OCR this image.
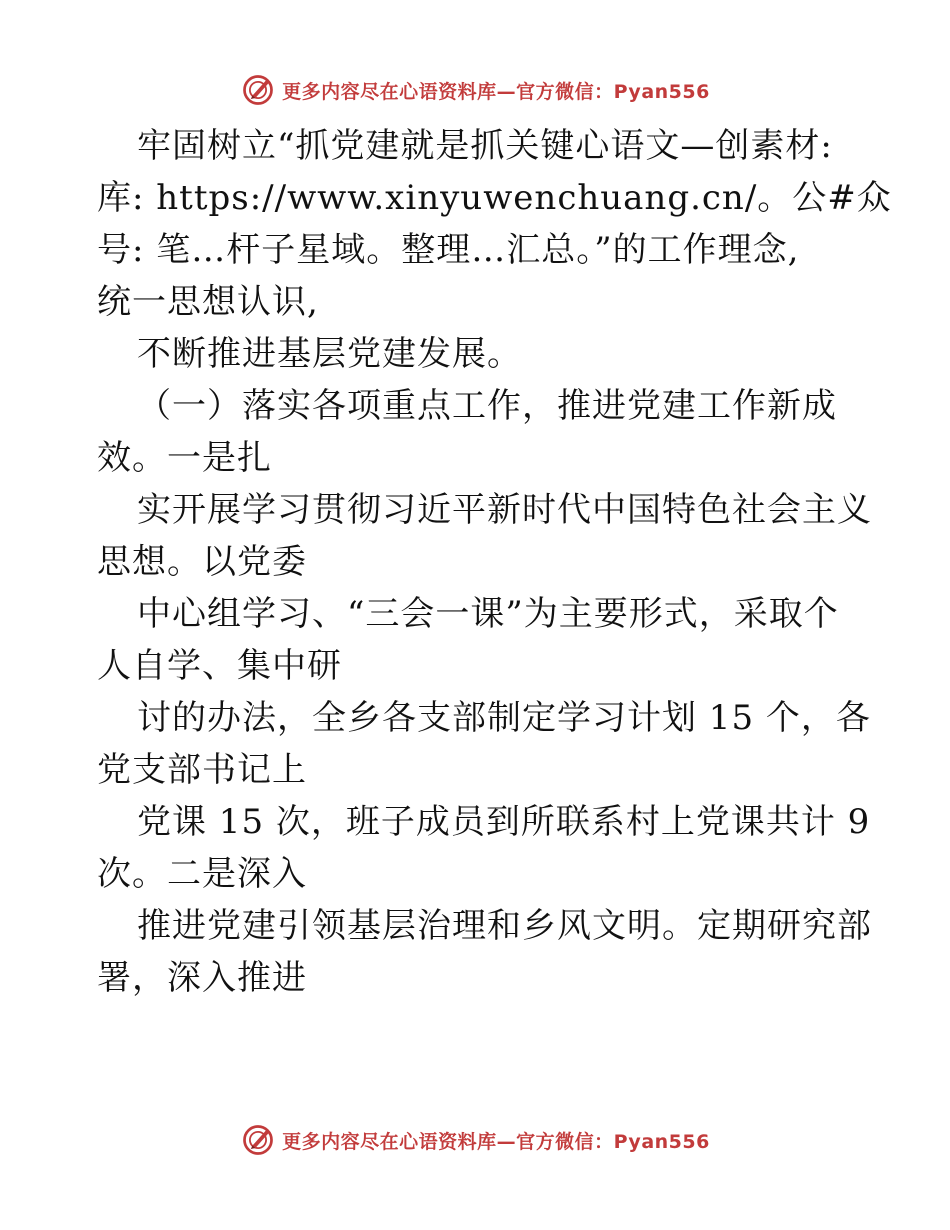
更多内容尽在心语资料库—官方微信：Pyan556

牢固树立“抓党建就是抓关键心语文—创素材:

库: https://www.xinyuwenchuang.cn/。公#众

号: 笔…杆子星域。整理…汇总。”的工作理念,

统一思想认识,

不断推进基层党建发展。

（一）落实各项重点工作，推进党建工作新成

效。一是扎

实开展学习贯彻习近平新时代中国特色社会主义

思想。以党委

中心组学习、“三会一课”为主要形式，采取个

人自学、集中研

讨的办法，全乡各支部制定学习计划 15 个，各

党支部书记上

党课 15 次，班子成员到所联系村上党课共计 9

次。二是深入

推进党建引领基层治理和乡风文明。定期研究部

署，深入推进

更多内容尽在心语资料库—官方微信：Pyan556
